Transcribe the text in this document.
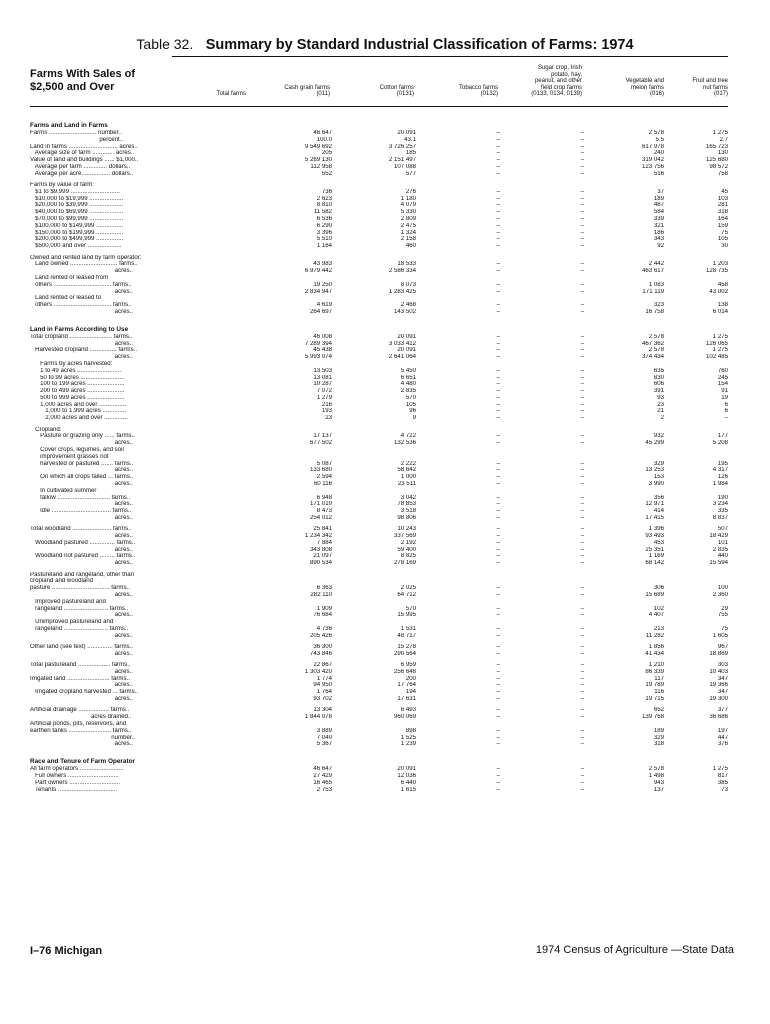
Table 32. Summary by Standard Industrial Classification of Farms: 1974
Farms With Sales of
$2,500 and Over
Total farms
Cash grain farms
(011)
Cotton farms
(0131)
Tobacco farms
(0132)
Sugar crop, Irish
potato, hay,
peanut, and other
field crop farms
(0133, 0134, 0139)
Vegetable and
melon farms
(016)
Fruit and tree
nut farms
(017)
Farms and Land in Farms								
Farms ............................ number..		46 647	20 091	–	–	2 578	1 275	
percent..		100.0	43.1	–	–	5.5	2.7	
Land in farms ............................. acres..		9 549 692	3 726 257	–	–	617 978	165 723	
Average size of farm ............. acres..		205	185	–	–	240	130	
Value of land and buildings ...... $1,000..		5 269 130	2 151 497	–	–	319 042	125 680	
Average per farm .............. dollars..		112 958	107 088	–	–	123 756	98 572	
Average per acre................. dollars..		552	577	–	–	516	758	

Farms by value of farm:								
$1 to $9,999 .............................		736	276	–	–	37	45	
$10,000 to $19,999 ....................		2 623	1 180	–	–	189	103	
$20,000 to $39,999 ....................		8 810	4 079	–	–	487	281	
$40,000 to $69,999 ....................		11 582	5 330	–	–	584	318	
$70,000 to $99,999 ....................		6 536	2 809	–	–	339	164	
$100,000 to $149,999 ................		6 290	2 475	–	–	321	159	
$150,000 to $199,999 ................		3 396	1 324	–	–	186	75	
$200,000 to $499,999 ................		5 510	2 158	–	–	343	105	
$500,000 and over ....................		1 164	460	–	–	92	30	

Owned and rented land by farm operator:								
Land owned ............................ farms..		43 983	18 533	–	–	2 442	1 203	
acres..		6 979 442	2 586 334	–	–	463 617	128 735	
Land rented or leased from								
others .................................. farms..		19 250	8 073	–	–	1 083	458	
acres..		2 834 947	1 283 425	–	–	171 119	43 002	
Land rented or leased to								
others .................................. farms..		4 619	2 468	–	–	323	138	
acres..		264 697	143 502	–	–	16 758	6 014	
Land in Farms According to Use								
Total cropland ......................... farms..		46 008	20 091	–	–	2 578	1 275	
acres..		7 289 394	3 033 412	–	–	467 362	126 065	
Harvested cropland ................ farms..		45 438	20 091	–	–	2 578	1 275	
acres..		5 993 074	2 641 064	–	–	374 434	102 485	
Farms by acres harvested:								
1 to 49 acres ..........................		13 503	5 450	–	–	635	760	
50 to 99 acres ..........................		13 081	6 651	–	–	830	245	
100 to 199 acres ......................		10 287	4 480	–	–	606	154	
200 to 499 acres ......................		7 072	2 835	–	–	391	91	
500 to 999 acres ......................		1 279	570	–	–	93	19	
1,000 acres and over ................		216	105	–	–	23	6	
1,000 to 1,999 acres ..............		193	96	–	–	21	6	
2,000 acres and over ..............		23	9	–	–	2	–	

Cropland:								
Pasture or grazing only ...... farms..		17 137	4 722	–	–	932	177	
acres..		677 502	132 536	–	–	45 299	5 208	
Cover crops, legumes, and soil								
improvement grasses not								
harvested or pastured ....... farms..		5 087	2 222	–	–	329	195	
acres..		133 680	58 642	–	–	13 253	4 317	
On which all crops failed ... farms..		2 594	1 000	–	–	153	126	
acres..		60 116	23 511	–	–	3 990	1 984	
In cultivated summer								
fallow ............................... farms..		6 948	3 042	–	–	356	190	
acres..		171 010	78 853	–	–	12 971	3 234	
Idle ................................... farms..		8 473	3 518	–	–	414	335	
acres..		254 012	98 806	–	–	17 415	8 837	

Total woodland ....................... farms..		25 841	10 243	–	–	1 396	507	
acres..		1 234 342	337 569	–	–	93 493	18 429	
Woodland pastured ............... farms..		7 884	2 192	–	–	453	101	
acres..		343 808	59 400	–	–	25 351	2 835	
Woodland not pastured ......... farms..		21 097	8 825	–	–	1 169	440	
acres..		890 534	278 169	–	–	68 142	15 594	

Pastureland and rangeland, other than								
cropland and woodland								
pasture .................................. farms..		6 363	2 025	–	–	306	100	
acres..		282 110	64 712	–	–	15 689	2 360	
Improved pastureland and								
rangeland .......................... farms..		1 909	570	–	–	102	29	
acres..		76 684	15 995	–	–	4 407	755	
Unimproved pastureland and								
rangeland .......................... farms..		4 736	1 531	–	–	213	75	
acres..		205 426	48 717	–	–	11 282	1 605	

Other land (see text) ............... farms..		36 300	15 278	–	–	1 856	967	
acres..		743 846	290 564	–	–	41 434	18 869	

Total pastureland ................... farms..		22 867	6 959	–	–	1 210	303	
acres..		1 303 420	256 648	–	–	86 339	10 403	
Irrigated land ......................... farms..		1 774	200	–	–	117	347	
acres..		94 950	17 764	–	–	19 789	19 366	
Irrigated cropland harvested ... farms..		1 764	194	–	–	116	347	
acres..		93 702	17 631	–	–	19 715	19 300	

Artificial drainage .................. farms..		13 304	6 493	–	–	652	377	
acres drained..		1 844 078	960 069	–	–	139 768	36 686	
Artificial ponds, pits, reservoirs, and								
earthen tanks ......................... farms..		3 889	898	–	–	189	197	
number..		7 040	1 525	–	–	329	447	
acres..		5 367	1 239	–	–	318	376	
Race and Tenure of Farm Operator								
All farm operators ..........................		46 647	20 091	–	–	2 578	1 275	
Full owners ..............................		27 429	12 036	–	–	1 498	817	
Part owners ..............................		16 465	6 440	–	–	943	385	
Tenants ...................................		2 753	1 615	–	–	137	73	
I–76 Michigan	1974 Census of Agriculture —State Data
